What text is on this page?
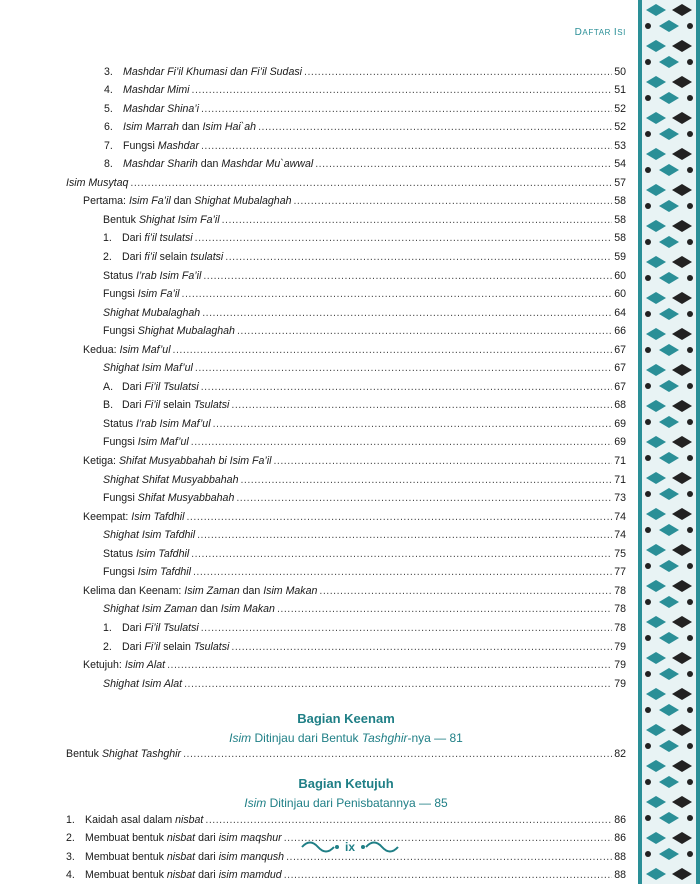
DAFTAR ISI
3. Mashdar Fi’il Khumasi dan Fi’il Sudasi .....	50
4. Mashdar Mimi .....	51
5. Mashdar Shina’i .....	52
6. Isim Marrah dan Isim Hai`ah .....	52
7. Fungsi Mashdar .....	53
8. Mashdar Sharih dan Mashdar Mu`awwal .....	54
Isim Musytaq .....	57
Pertama: Isim Fa’il dan Shighat Mubalaghah .....	58
Bentuk Shighat Isim Fa’il .....	58
1. Dari fi’il tsulatsi .....	58
2. Dari fi’il selain tsulatsi .....	59
Status I’rab Isim Fa’il .....	60
Fungsi Isim Fa’il .....	60
Shighat Mubalaghah .....	64
Fungsi Shighat Mubalaghah .....	66
Kedua: Isim Maf’ul .....	67
Shighat Isim Maf’ul .....	67
A. Dari Fi’il Tsulatsi .....	67
B. Dari Fi’il selain Tsulatsi .....	68
Status I’rab Isim Maf’ul .....	69
Fungsi Isim Maf’ul .....	69
Ketiga: Shifat Musyabbahah bi Isim Fa’il .....	71
Shighat Shifat Musyabbahah .....	71
Fungsi Shifat Musyabbahah .....	73
Keempat: Isim Tafdhil .....	74
Shighat Isim Tafdhil .....	74
Status Isim Tafdhil .....	75
Fungsi Isim Tafdhil .....	77
Kelima dan Keenam: Isim Zaman dan Isim Makan .....	78
Shighat Isim Zaman dan Isim Makan .....	78
1. Dari Fi’il Tsulatsi .....	78
2. Dari Fi’il selain Tsulatsi .....	79
Ketujuh: Isim Alat .....	79
Shighat Isim Alat .....	79
Bagian Keenam
Isim Ditinjau dari Bentuk Tashghir-nya — 81
Bentuk Shighat Tashghir .....	82
Bagian Ketujuh
Isim Ditinjau dari Penisbatannya — 85
1. Kaidah asal dalam nisbat .....	86
2. Membuat bentuk nisbat dari isim maqshur .....	86
3. Membuat bentuk nisbat dari isim manqush .....	88
4. Membuat bentuk nisbat dari isim mamdud .....	88
ix
